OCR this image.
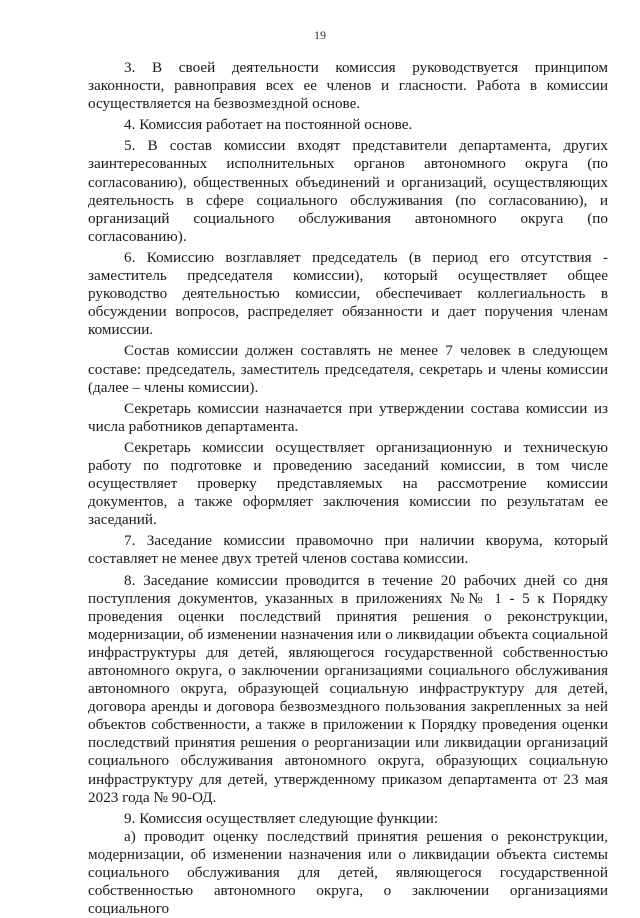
19

3. В своей деятельности комиссия руководствуется принципом законности, равноправия всех ее членов и гласности. Работа в комиссии осуществляется на безвозмездной основе.

4. Комиссия работает на постоянной основе.

5. В состав комиссии входят представители департамента, других заинтересованных исполнительных органов автономного округа (по согласованию), общественных объединений и организаций, осуществляющих деятельность в сфере социального обслуживания (по согласованию), и организаций социального обслуживания автономного округа (по согласованию).

6. Комиссию возглавляет председатель (в период его отсутствия - заместитель председателя комиссии), который осуществляет общее руководство деятельностью комиссии, обеспечивает коллегиальность в обсуждении вопросов, распределяет обязанности и дает поручения членам комиссии.

Состав комиссии должен составлять не менее 7 человек в следующем составе: председатель, заместитель председателя, секретарь и члены комиссии (далее – члены комиссии).

Секретарь комиссии назначается при утверждении состава комиссии из числа работников департамента.

Секретарь комиссии осуществляет организационную и техническую работу по подготовке и проведению заседаний комиссии, в том числе осуществляет проверку представляемых на рассмотрение комиссии документов, а также оформляет заключения комиссии по результатам ее заседаний.

7. Заседание комиссии правомочно при наличии кворума, который составляет не менее двух третей членов состава комиссии.

8. Заседание комиссии проводится в течение 20 рабочих дней со дня поступления документов, указанных в приложениях №№ 1 - 5 к Порядку проведения оценки последствий принятия решения о реконструкции, модернизации, об изменении назначения или о ликвидации объекта социальной инфраструктуры для детей, являющегося государственной собственностью автономного округа, о заключении организациями социального обслуживания автономного округа, образующей социальную инфраструктуру для детей, договора аренды и договора безвозмездного пользования закрепленных за ней объектов собственности, а также в приложении к Порядку проведения оценки последствий принятия решения о реорганизации или ликвидации организаций социального обслуживания автономного округа, образующих социальную инфраструктуру для детей, утвержденному приказом департамента от 23 мая 2023 года № 90-ОД.

9. Комиссия осуществляет следующие функции:

а) проводит оценку последствий принятия решения о реконструкции, модернизации, об изменении назначения или о ликвидации объекта системы социального обслуживания для детей, являющегося государственной собственностью автономного округа, о заключении организациями социального
